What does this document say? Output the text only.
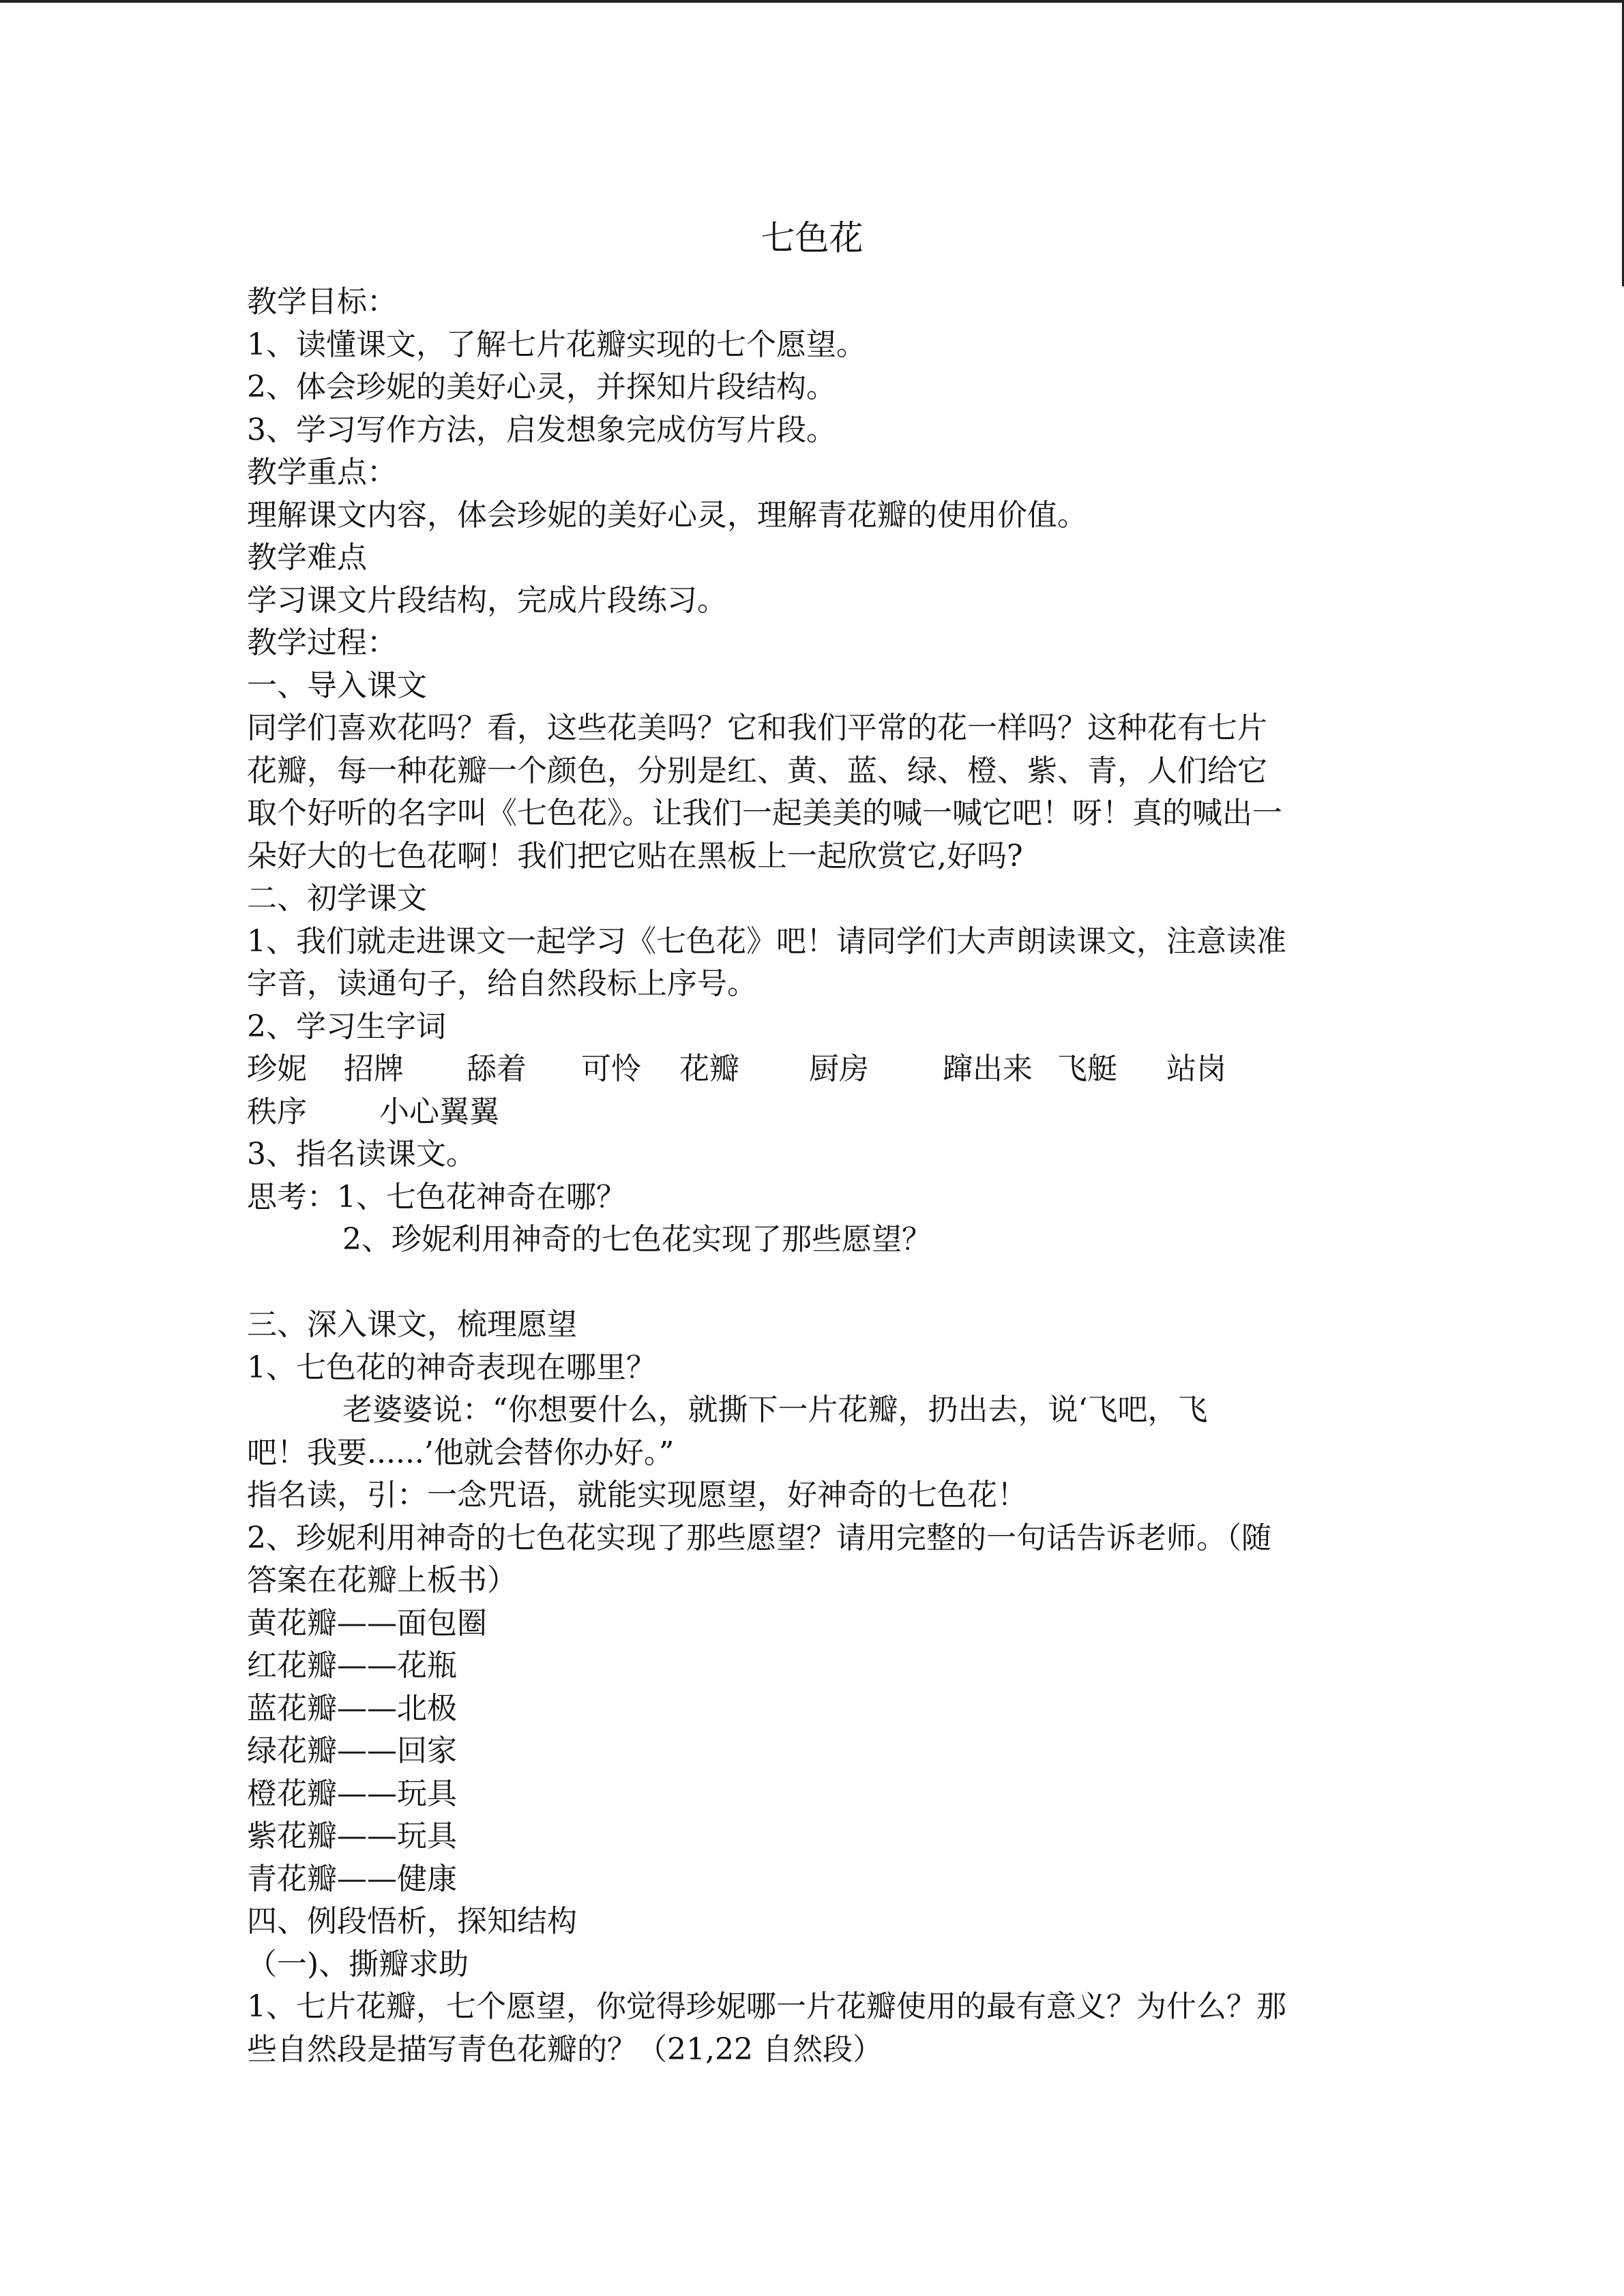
七色花
教学目标：
1、读懂课文，了解七片花瓣实现的七个愿望。
2、体会珍妮的美好心灵，并探知片段结构。
3、学习写作方法，启发想象完成仿写片段。
教学重点：
理解课文内容，体会珍妮的美好心灵，理解青花瓣的使用价值。
教学难点
学习课文片段结构，完成片段练习。
教学过程：
一、导入课文
同学们喜欢花吗？看，这些花美吗？它和我们平常的花一样吗？这种花有七片
花瓣，每一种花瓣一个颜色，分别是红、黄、蓝、绿、橙、紫、青，人们给它
取个好听的名字叫《七色花》。让我们一起美美的喊一喊它吧！呀！真的喊出一
朵好大的七色花啊！我们把它贴在黑板上一起欣赏它,好吗?
二、初学课文
1、我们就走进课文一起学习《七色花》吧！请同学们大声朗读课文，注意读准
字音，读通句子，给自然段标上序号。
2、学习生字词
珍妮 招牌 舔着 可怜 花瓣 厨房 蹿出来 飞艇 站岗
秩序 小心翼翼
3、指名读课文。
思考：1、七色花神奇在哪？
2、珍妮利用神奇的七色花实现了那些愿望？
三、深入课文，梳理愿望
1、七色花的神奇表现在哪里？
老婆婆说：“你想要什么，就撕下一片花瓣，扔出去，说‘飞吧，飞
吧！我要......’他就会替你办好。”
指名读，引：一念咒语，就能实现愿望，好神奇的七色花！
2、珍妮利用神奇的七色花实现了那些愿望？请用完整的一句话告诉老师。（随
答案在花瓣上板书）
黄花瓣——面包圈
红花瓣——花瓶
蓝花瓣——北极
绿花瓣——回家
橙花瓣——玩具
紫花瓣——玩具
青花瓣——健康
四、例段悟析，探知结构
（一)、撕瓣求助
1、七片花瓣，七个愿望，你觉得珍妮哪一片花瓣使用的最有意义？为什么？那
些自然段是描写青色花瓣的？（21,22 自然段）
